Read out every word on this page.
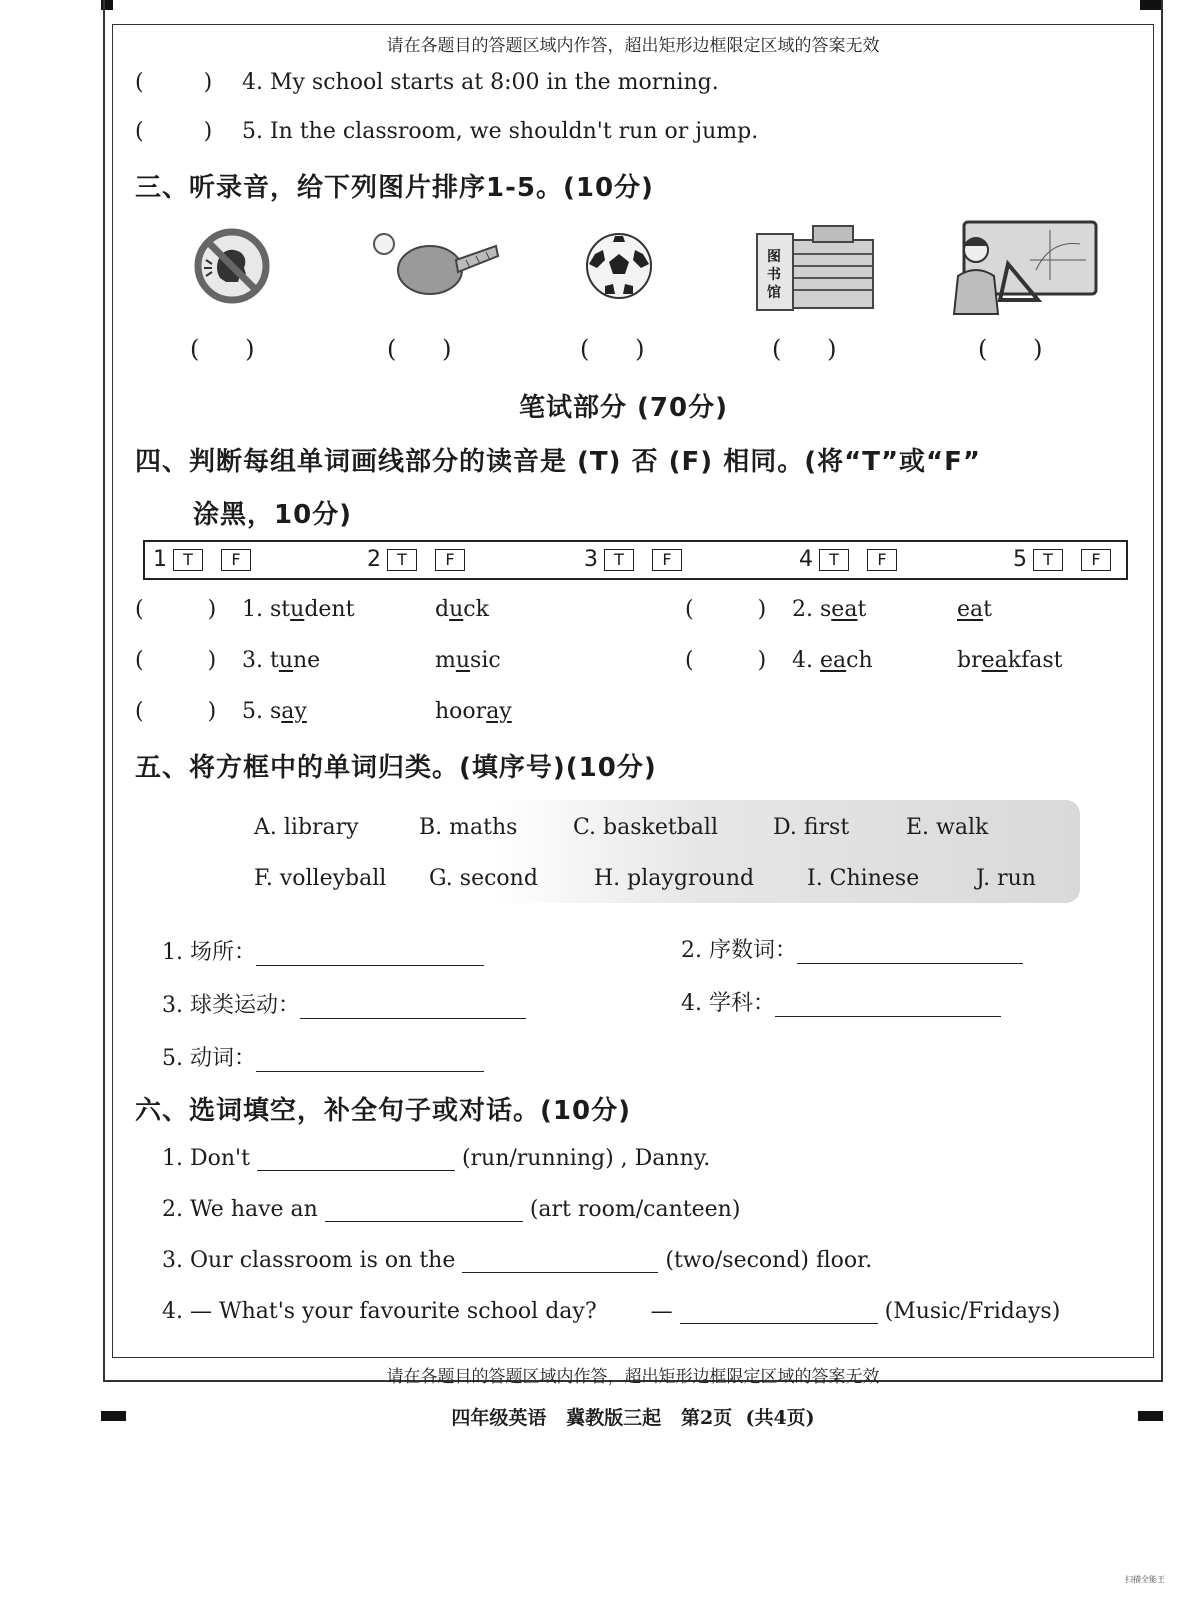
请在各题目的答题区域内作答，超出矩形边框限定区域的答案无效
(	) 4. My school starts at 8:00 in the morning.
(	) 5. In the classroom, we shouldn't run or jump.
三、听录音，给下列图片排序1-5。(10分)
图
书
馆
(      )	(      )	(      )	(      )	(      )
笔试部分 (70分)
四、判断每组单词画线部分的读音是 (T) 否 (F) 相同。(将“T”或“F”
涂黑，10分)
1 T F	2 T F	3 T F	4 T F	5 T F
(	) 1. student	duck	(	) 2. seat	eat
(	) 3. tune	music	(	) 4. each	breakfast
(	) 5. say	hooray
五、将方框中的单词归类。(填序号)(10分)
A. library	B. maths	C. basketball	D. first	E. walk
F. volleyball G. second	H. playground I. Chinese	J. run
1. 场所：	2. 序数词：
3. 球类运动：	4. 学科：
5. 动词：
六、选词填空，补全句子或对话。(10分)
1. Don't	(run/running) , Danny.
2. We have an	(art room/canteen)
3. Our classroom is on the	(two/second) floor.
4. — What's your favourite school day? —	(Music/Fridays)
请在各题目的答题区域内作答，超出矩形边框限定区域的答案无效
四年级英语   冀教版三起   第2页  (共4页)
扫描全能王
